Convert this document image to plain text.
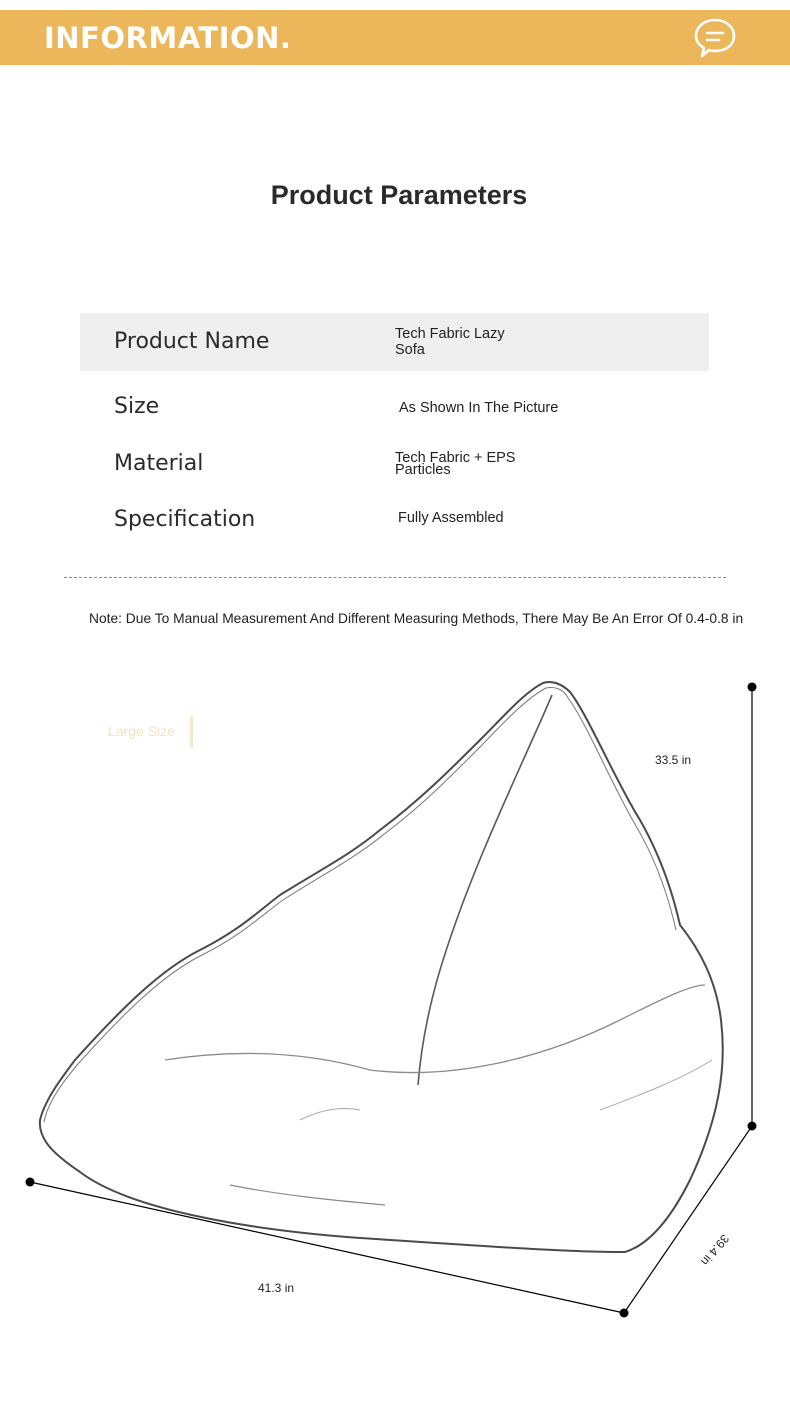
INFORMATION.
Product Parameters
Product Name	Tech Fabric Lazy
Sofa
Size	As Shown In The Picture
Material	Tech Fabric + EPS
Particles
Specification	Fully Assembled
Note: Due To Manual Measurement And Different Measuring Methods, There May Be An Error Of 0.4-0.8 in
Large Size
33.5 in
41.3 in
39.4 in
